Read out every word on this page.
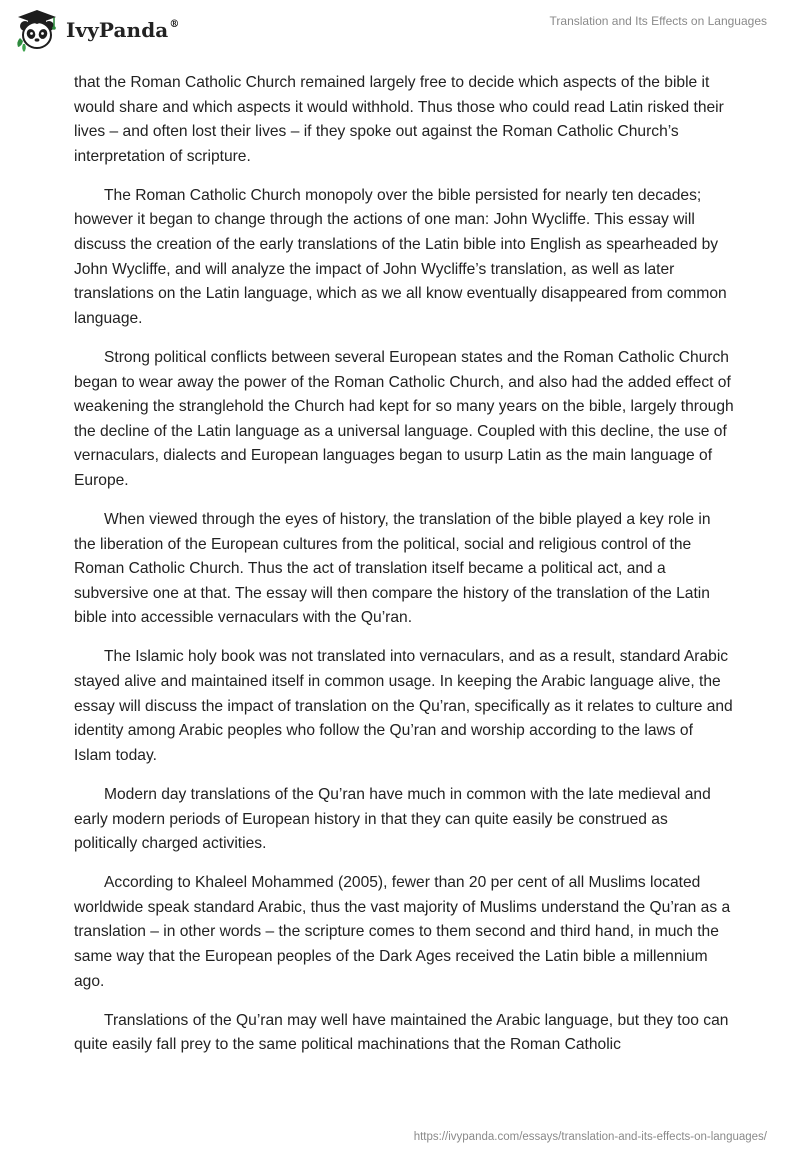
IvyPanda®	Translation and Its Effects on Languages

that the Roman Catholic Church remained largely free to decide which aspects of the bible it would share and which aspects it would withhold. Thus those who could read Latin risked their lives – and often lost their lives – if they spoke out against the Roman Catholic Church’s interpretation of scripture.

The Roman Catholic Church monopoly over the bible persisted for nearly ten decades; however it began to change through the actions of one man: John Wycliffe. This essay will discuss the creation of the early translations of the Latin bible into English as spearheaded by John Wycliffe, and will analyze the impact of John Wycliffe’s translation, as well as later translations on the Latin language, which as we all know eventually disappeared from common language.

Strong political conflicts between several European states and the Roman Catholic Church began to wear away the power of the Roman Catholic Church, and also had the added effect of weakening the stranglehold the Church had kept for so many years on the bible, largely through the decline of the Latin language as a universal language. Coupled with this decline, the use of vernaculars, dialects and European languages began to usurp Latin as the main language of Europe.

When viewed through the eyes of history, the translation of the bible played a key role in the liberation of the European cultures from the political, social and religious control of the Roman Catholic Church. Thus the act of translation itself became a political act, and a subversive one at that. The essay will then compare the history of the translation of the Latin bible into accessible vernaculars with the Qu’ran.

The Islamic holy book was not translated into vernaculars, and as a result, standard Arabic stayed alive and maintained itself in common usage. In keeping the Arabic language alive, the essay will discuss the impact of translation on the Qu’ran, specifically as it relates to culture and identity among Arabic peoples who follow the Qu’ran and worship according to the laws of Islam today.

Modern day translations of the Qu’ran have much in common with the late medieval and early modern periods of European history in that they can quite easily be construed as politically charged activities.

According to Khaleel Mohammed (2005), fewer than 20 per cent of all Muslims located worldwide speak standard Arabic, thus the vast majority of Muslims understand the Qu’ran as a translation – in other words – the scripture comes to them second and third hand, in much the same way that the European peoples of the Dark Ages received the Latin bible a millennium ago.

Translations of the Qu’ran may well have maintained the Arabic language, but they too can quite easily fall prey to the same political machinations that the Roman Catholic

https://ivypanda.com/essays/translation-and-its-effects-on-languages/
